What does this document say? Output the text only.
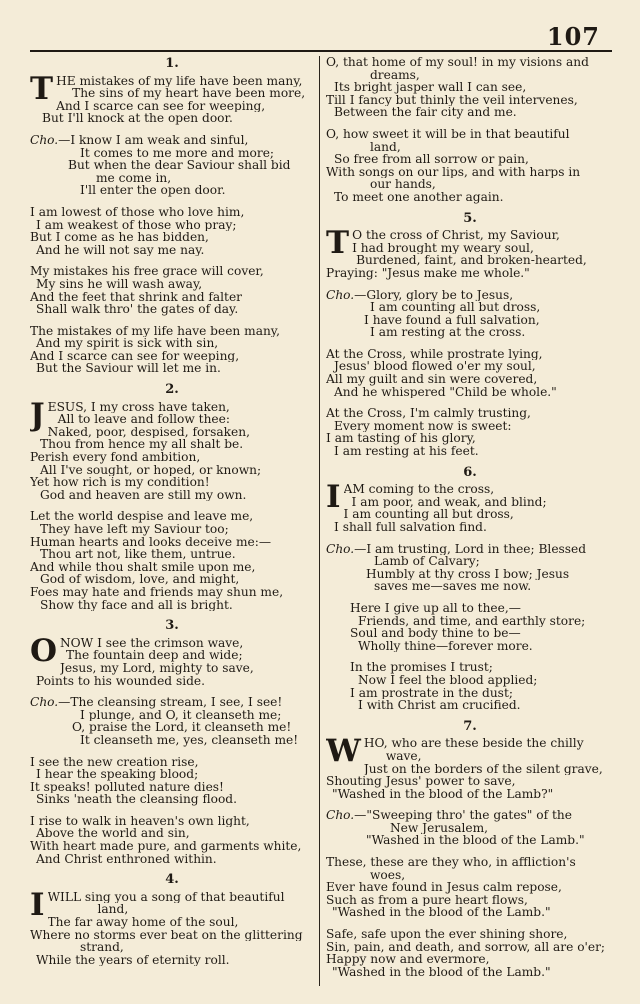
107
1.
T HE mistakes of my life have been many,
The sins of my heart have been more,
And I scarce can see for weeping,
But I'll knock at the open door.
Cho.—I know I am weak and sinful,
It comes to me more and more;
But when the dear Saviour shall bid
me come in,
I'll enter the open door.
I am lowest of those who love him,
I am weakest of those who pray;
But I come as he has bidden,
And he will not say me nay.
My mistakes his free grace will cover,
My sins he will wash away,
And the feet that shrink and falter
Shall walk thro' the gates of day.
The mistakes of my life have been many,
And my spirit is sick with sin,
And I scarce can see for weeping,
But the Saviour will let me in.
2.
J ESUS, I my cross have taken,
All to leave and follow thee:
Naked, poor, despised, forsaken,
Thou from hence my all shalt be.
Perish every fond ambition,
All I've sought, or hoped, or known;
Yet how rich is my condition!
God and heaven are still my own.
Let the world despise and leave me,
They have left my Saviour too;
Human hearts and looks deceive me:—
Thou art not, like them, untrue.
And while thou shalt smile upon me,
God of wisdom, love, and might,
Foes may hate and friends may shun me,
Show thy face and all is bright.
3.
O NOW I see the crimson wave,
The fountain deep and wide;
Jesus, my Lord, mighty to save,
Points to his wounded side.
Cho.—The cleansing stream, I see, I see!
I plunge, and O, it cleanseth me;
O, praise the Lord, it cleanseth me!
It cleanseth me, yes, cleanseth me!
I see the new creation rise,
I hear the speaking blood;
It speaks! polluted nature dies!
Sinks 'neath the cleansing flood.
I rise to walk in heaven's own light,
Above the world and sin,
With heart made pure, and garments white,
And Christ enthroned within.
4.
I WILL sing you a song of that beautiful
land,
The far away home of the soul,
Where no storms ever beat on the glittering
strand,
While the years of eternity roll.
O, that home of my soul! in my visions and
dreams,
Its bright jasper wall I can see,
Till I fancy but thinly the veil intervenes,
Between the fair city and me.
O, how sweet it will be in that beautiful
land,
So free from all sorrow or pain,
With songs on our lips, and with harps in
our hands,
To meet one another again.
5.
T O the cross of Christ, my Saviour,
I had brought my weary soul,
Burdened, faint, and broken-hearted,
Praying: "Jesus make me whole."
Cho.—Glory, glory be to Jesus,
I am counting all but dross,
I have found a full salvation,
I am resting at the cross.
At the Cross, while prostrate lying,
Jesus' blood flowed o'er my soul,
All my guilt and sin were covered,
And he whispered "Child be whole."
At the Cross, I'm calmly trusting,
Every moment now is sweet:
I am tasting of his glory,
I am resting at his feet.
6.
I AM coming to the cross,
I am poor, and weak, and blind;
I am counting all but dross,
I shall full salvation find.
Cho.—I am trusting, Lord in thee; Blessed
Lamb of Calvary;
Humbly at thy cross I bow; Jesus
saves me—saves me now.
Here I give up all to thee,—
Friends, and time, and earthly store;
Soul and body thine to be—
Wholly thine—forever more.
In the promises I trust;
Now I feel the blood applied;
I am prostrate in the dust;
I with Christ am crucified.
7.
W HO, who are these beside the chilly
wave,
Just on the borders of the silent grave,
Shouting Jesus' power to save,
"Washed in the blood of the Lamb?"
Cho.—"Sweeping thro' the gates" of the
New Jerusalem,
"Washed in the blood of the Lamb."
These, these are they who, in affliction's
woes,
Ever have found in Jesus calm repose,
Such as from a pure heart flows,
"Washed in the blood of the Lamb."
Safe, safe upon the ever shining shore,
Sin, pain, and death, and sorrow, all are o'er;
Happy now and evermore,
"Washed in the blood of the Lamb."
